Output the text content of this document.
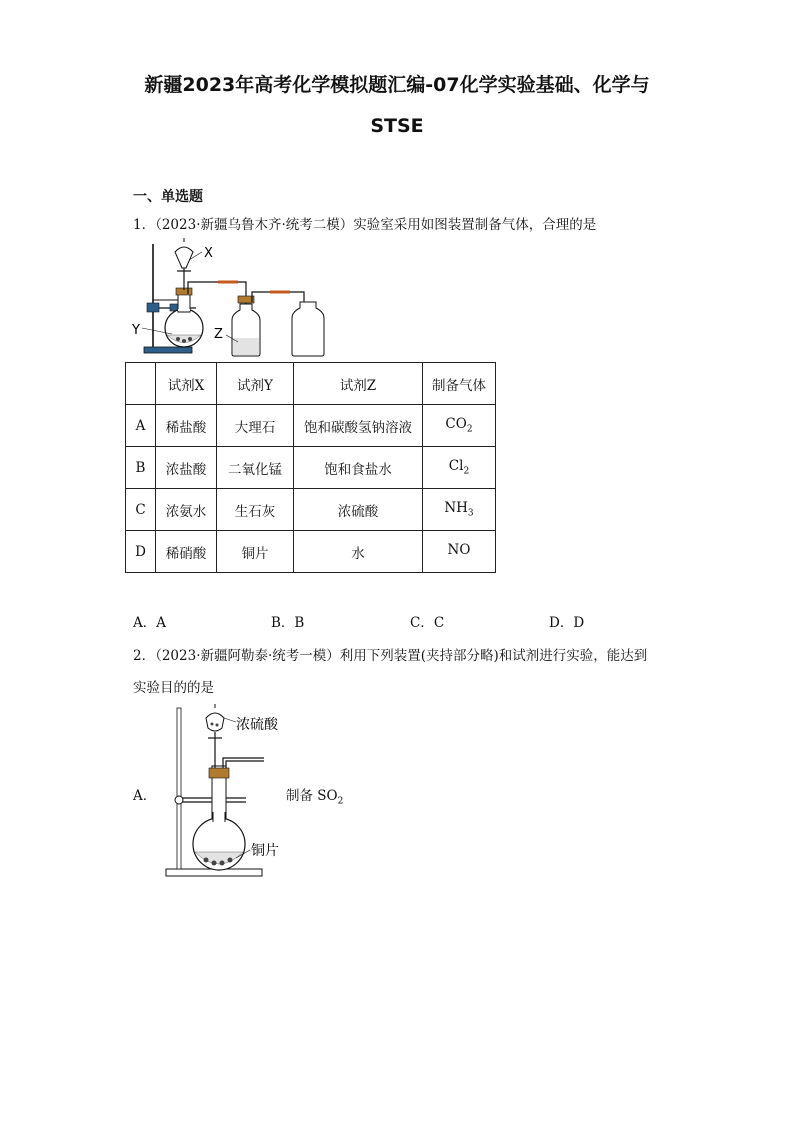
新疆2023年高考化学模拟题汇编-07化学实验基础、化学与
STSE
一、单选题
1．（2023·新疆乌鲁木齐·统考二模）实验室采用如图装置制备气体，合理的是
X
Y	Z
	试剂X	试剂Y	试剂Z	制备气体
A	稀盐酸	大理石	饱和碳酸氢钠溶液	$CO_2$
B	浓盐酸	二氧化锰	饱和食盐水	$Cl_2$
C	浓氨水	生石灰	浓硫酸	$NH_3$
D	稀硝酸	铜片	水	NO
A．A	B．B	C．C	D．D
2．（2023·新疆阿勒泰·统考一模）利用下列装置(夹持部分略)和试剂进行实验，能达到
实验目的的是
A．
浓硫酸
铜片
制备 $SO_2$
